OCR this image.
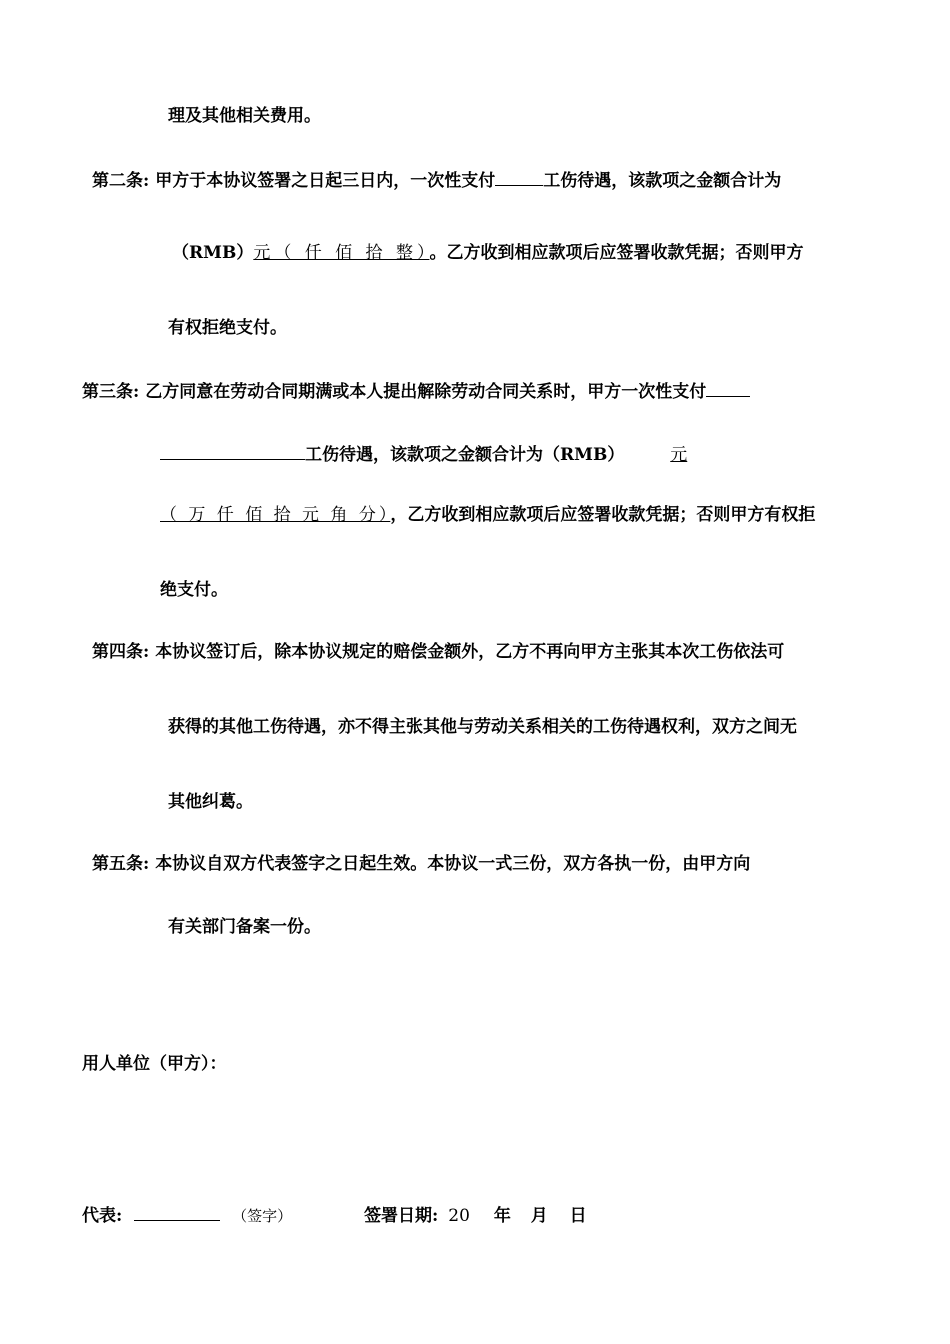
理及其他相关费用。
第二条: 甲方于本协议签署之日起三日内，一次性支付	工伤待遇，该款项之金额合计为
（RMB）元（ 仟 佰 拾 整）。乙方收到相应款项后应签署收款凭据；否则甲方
有权拒绝支付。
第三条: 乙方同意在劳动合同期满或本人提出解除劳动合同关系时，甲方一次性支付
工伤待遇，该款项之金额合计为（RMB）	元
（ 万 仟 佰 拾 元 角 分），乙方收到相应款项后应签署收款凭据；否则甲方有权拒
绝支付。
第四条: 本协议签订后，除本协议规定的赔偿金额外，乙方不再向甲方主张其本次工伤依法可
获得的其他工伤待遇，亦不得主张其他与劳动关系相关的工伤待遇权利，双方之间无
其他纠葛。
第五条: 本协议自双方代表签字之日起生效。本协议一式三份，双方各执一份，由甲方向
有关部门备案一份。
用人单位（甲方）：
代表:	（签字）	签署日期: 20 年 月 日
